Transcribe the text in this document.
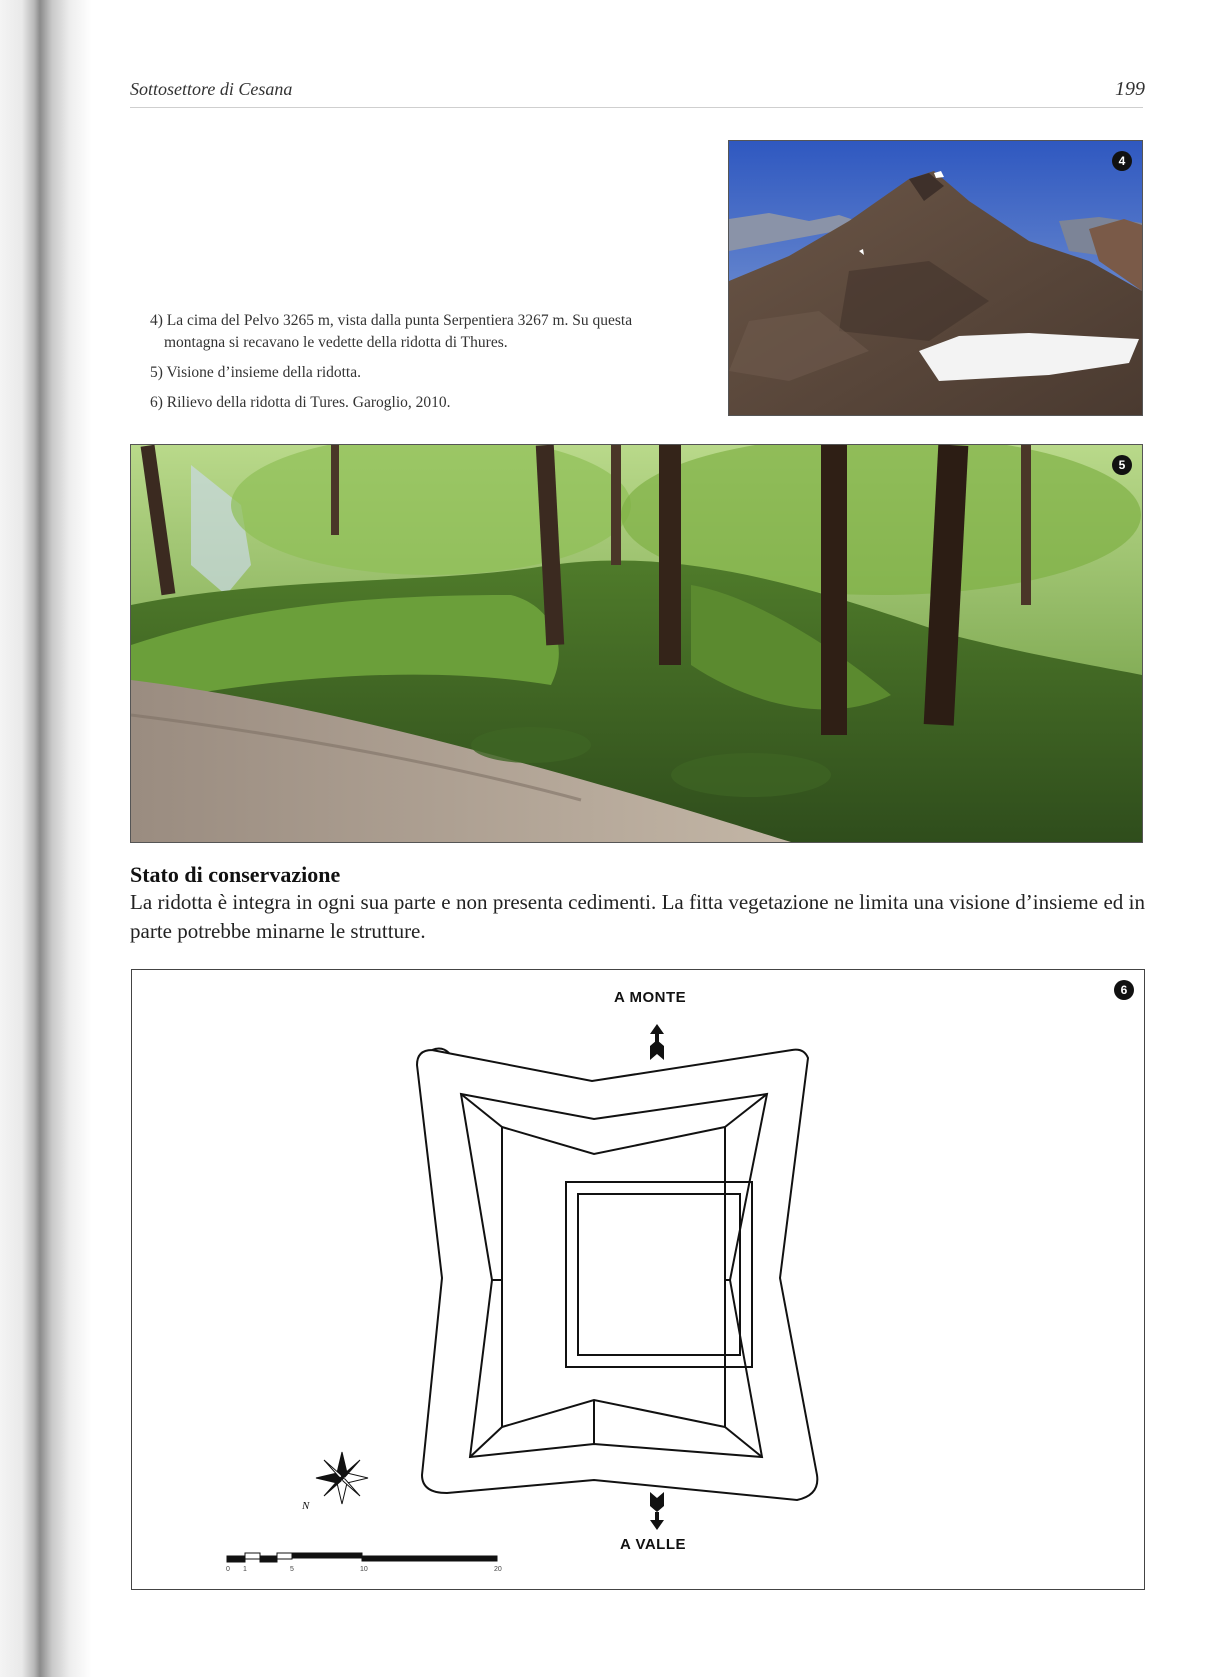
Sottosettore di Cesana	199

4) La cima del Pelvo 3265 m, vista dalla punta Serpentiera 3267 m. Su questa
montagna si recavano le vedette della ridotta di Thures.

5) Visione d’insieme della ridotta.

6) Rilievo della ridotta di Tures. Garoglio, 2010.

4
5
Stato di conservazione

La ridotta è integra in ogni sua parte e non presenta cedimenti. La fitta vegetazione ne limita una visione d’insieme ed in parte potrebbe minarne le strutture.

A MONTE
A VALLE
N
0 1	5	10	20
6
